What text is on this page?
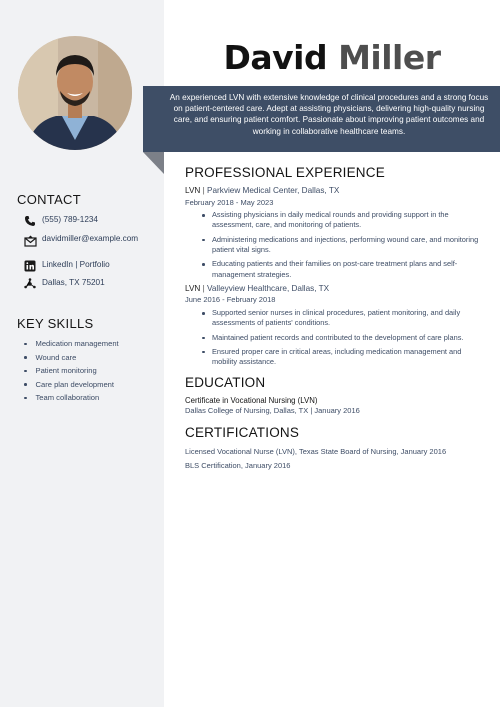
David Miller
An experienced LVN with extensive knowledge of clinical procedures and a strong focus on patient-centered care. Adept at assisting physicians, delivering high-quality nursing care, and ensuring patient comfort. Passionate about improving patient outcomes and working in collaborative healthcare teams.
CONTACT
(555) 789-1234
davidmiller@example.com
LinkedIn | Portfolio
Dallas, TX 75201
KEY SKILLS
Medication management
Wound care
Patient monitoring
Care plan development
Team collaboration
PROFESSIONAL EXPERIENCE
LVN | Parkview Medical Center, Dallas, TX
February 2018 - May 2023
Assisting physicians in daily medical rounds and providing support in the assessment, care, and monitoring of patients.
Administering medications and injections, performing wound care, and monitoring patient vital signs.
Educating patients and their families on post-care treatment plans and self-management strategies.
LVN | Valleyview Healthcare, Dallas, TX
June 2016 - February 2018
Supported senior nurses in clinical procedures, patient monitoring, and daily assessments of patients' conditions.
Maintained patient records and contributed to the development of care plans.
Ensured proper care in critical areas, including medication management and mobility assistance.
EDUCATION
Certificate in Vocational Nursing (LVN)
Dallas College of Nursing, Dallas, TX | January 2016
CERTIFICATIONS
Licensed Vocational Nurse (LVN), Texas State Board of Nursing, January 2016
BLS Certification, January 2016
